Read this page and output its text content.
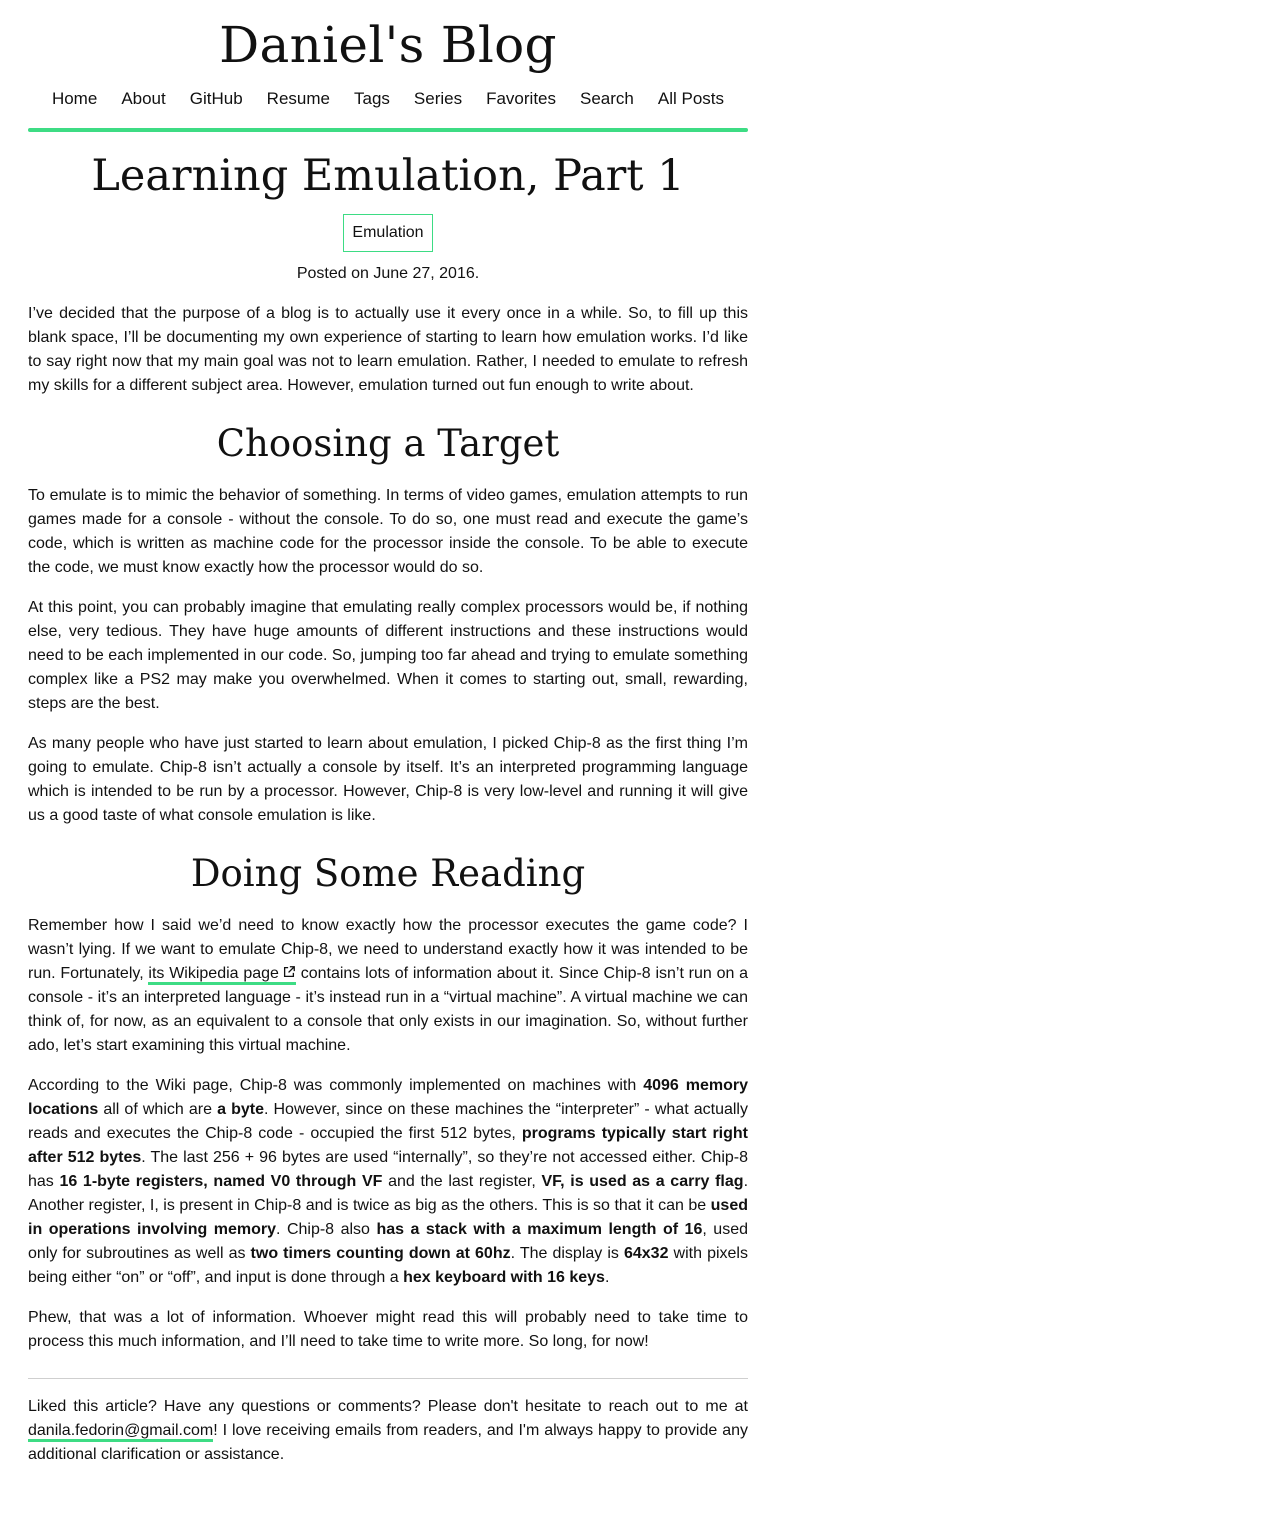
Daniel's Blog
Home About GitHub Resume Tags Series Favorites Search All Posts
Learning Emulation, Part 1
Emulation
Posted on June 27, 2016.

I’ve decided that the purpose of a blog is to actually use it every once in a while. So, to fill up this blank space, I’ll be documenting my own experience of starting to learn how emulation works. I’d like to say right now that my main goal was not to learn emulation. Rather, I needed to emulate to refresh my skills for a different subject area. However, emulation turned out fun enough to write about.

Choosing a Target

To emulate is to mimic the behavior of something. In terms of video games, emulation attempts to run games made for a console - without the console. To do so, one must read and execute the game’s code, which is written as machine code for the processor inside the console. To be able to execute the code, we must know exactly how the processor would do so.

At this point, you can probably imagine that emulating really complex processors would be, if nothing else, very tedious. They have huge amounts of different instructions and these instructions would need to be each implemented in our code. So, jumping too far ahead and trying to emulate something complex like a PS2 may make you overwhelmed. When it comes to starting out, small, rewarding, steps are the best.

As many people who have just started to learn about emulation, I picked Chip-8 as the first thing I’m going to emulate. Chip-8 isn’t actually a console by itself. It’s an interpreted programming language which is intended to be run by a processor. However, Chip-8 is very low-level and running it will give us a good taste of what console emulation is like.

Doing Some Reading

Remember how I said we’d need to know exactly how the processor executes the game code? I wasn’t lying. If we want to emulate Chip-8, we need to understand exactly how it was intended to be run. Fortunately, its Wikipedia page contains lots of information about it. Since Chip-8 isn’t run on a console - it’s an interpreted language - it’s instead run in a “virtual machine”. A virtual machine we can think of, for now, as an equivalent to a console that only exists in our imagination. So, without further ado, let’s start examining this virtual machine.

According to the Wiki page, Chip-8 was commonly implemented on machines with 4096 memory locations all of which are a byte. However, since on these machines the “interpreter” - what actually reads and executes the Chip-8 code - occupied the first 512 bytes, programs typically start right after 512 bytes. The last 256 + 96 bytes are used “internally”, so they’re not accessed either. Chip-8 has 16 1-byte registers, named V0 through VF and the last register, VF, is used as a carry flag. Another register, I, is present in Chip-8 and is twice as big as the others. This is so that it can be used in operations involving memory. Chip-8 also has a stack with a maximum length of 16, used only for subroutines as well as two timers counting down at 60hz. The display is 64x32 with pixels being either “on” or “off”, and input is done through a hex keyboard with 16 keys.

Phew, that was a lot of information. Whoever might read this will probably need to take time to process this much information, and I’ll need to take time to write more. So long, for now!

Liked this article? Have any questions or comments? Please don't hesitate to reach out to me at danila.fedorin@gmail.com! I love receiving emails from readers, and I'm always happy to provide any additional clarification or assistance.
